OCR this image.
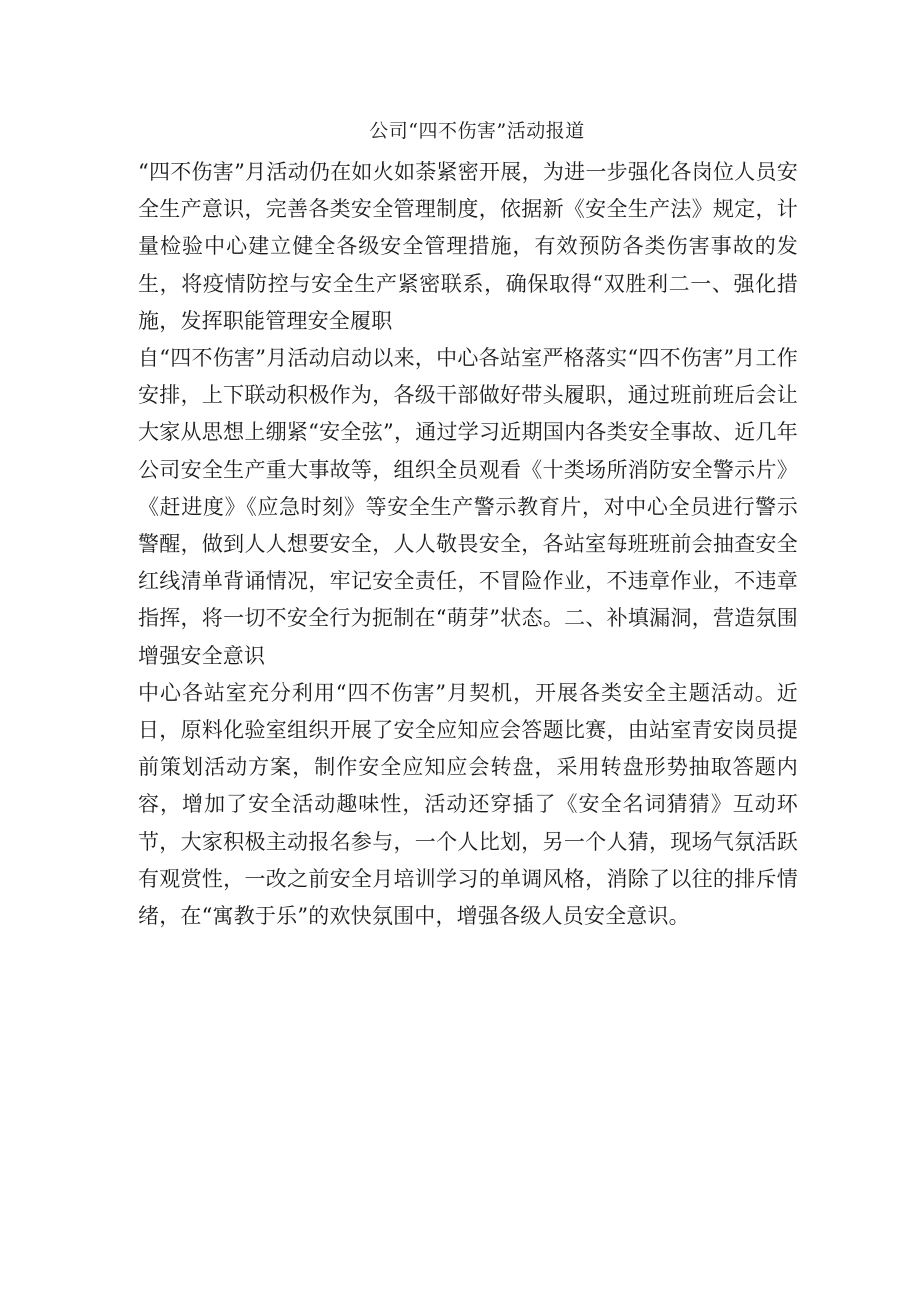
公司“四不伤害”活动报道

“四不伤害”月活动仍在如火如荼紧密开展，为进一步强化各岗位人员安全生产意识，完善各类安全管理制度，依据新《安全生产法》规定，计量检验中心建立健全各级安全管理措施，有效预防各类伤害事故的发生，将疫情防控与安全生产紧密联系，确保取得“双胜利二一、强化措施，发挥职能管理安全履职

自“四不伤害”月活动启动以来，中心各站室严格落实“四不伤害”月工作安排，上下联动积极作为，各级干部做好带头履职，通过班前班后会让大家从思想上绷紧“安全弦”，通过学习近期国内各类安全事故、近几年公司安全生产重大事故等，组织全员观看《十类场所消防安全警示片》《赶进度》《应急时刻》等安全生产警示教育片，对中心全员进行警示警醒，做到人人想要安全，人人敬畏安全，各站室每班班前会抽查安全红线清单背诵情况，牢记安全责任，不冒险作业，不违章作业，不违章指挥，将一切不安全行为扼制在“萌芽”状态。二、补填漏洞，营造氛围增强安全意识

中心各站室充分利用“四不伤害”月契机，开展各类安全主题活动。近日，原料化验室组织开展了安全应知应会答题比赛，由站室青安岗员提前策划活动方案，制作安全应知应会转盘，采用转盘形势抽取答题内容，增加了安全活动趣味性，活动还穿插了《安全名词猜猜》互动环节，大家积极主动报名参与，一个人比划，另一个人猜，现场气氛活跃有观赏性，一改之前安全月培训学习的单调风格，消除了以往的排斥情绪，在“寓教于乐”的欢快氛围中，增强各级人员安全意识。
